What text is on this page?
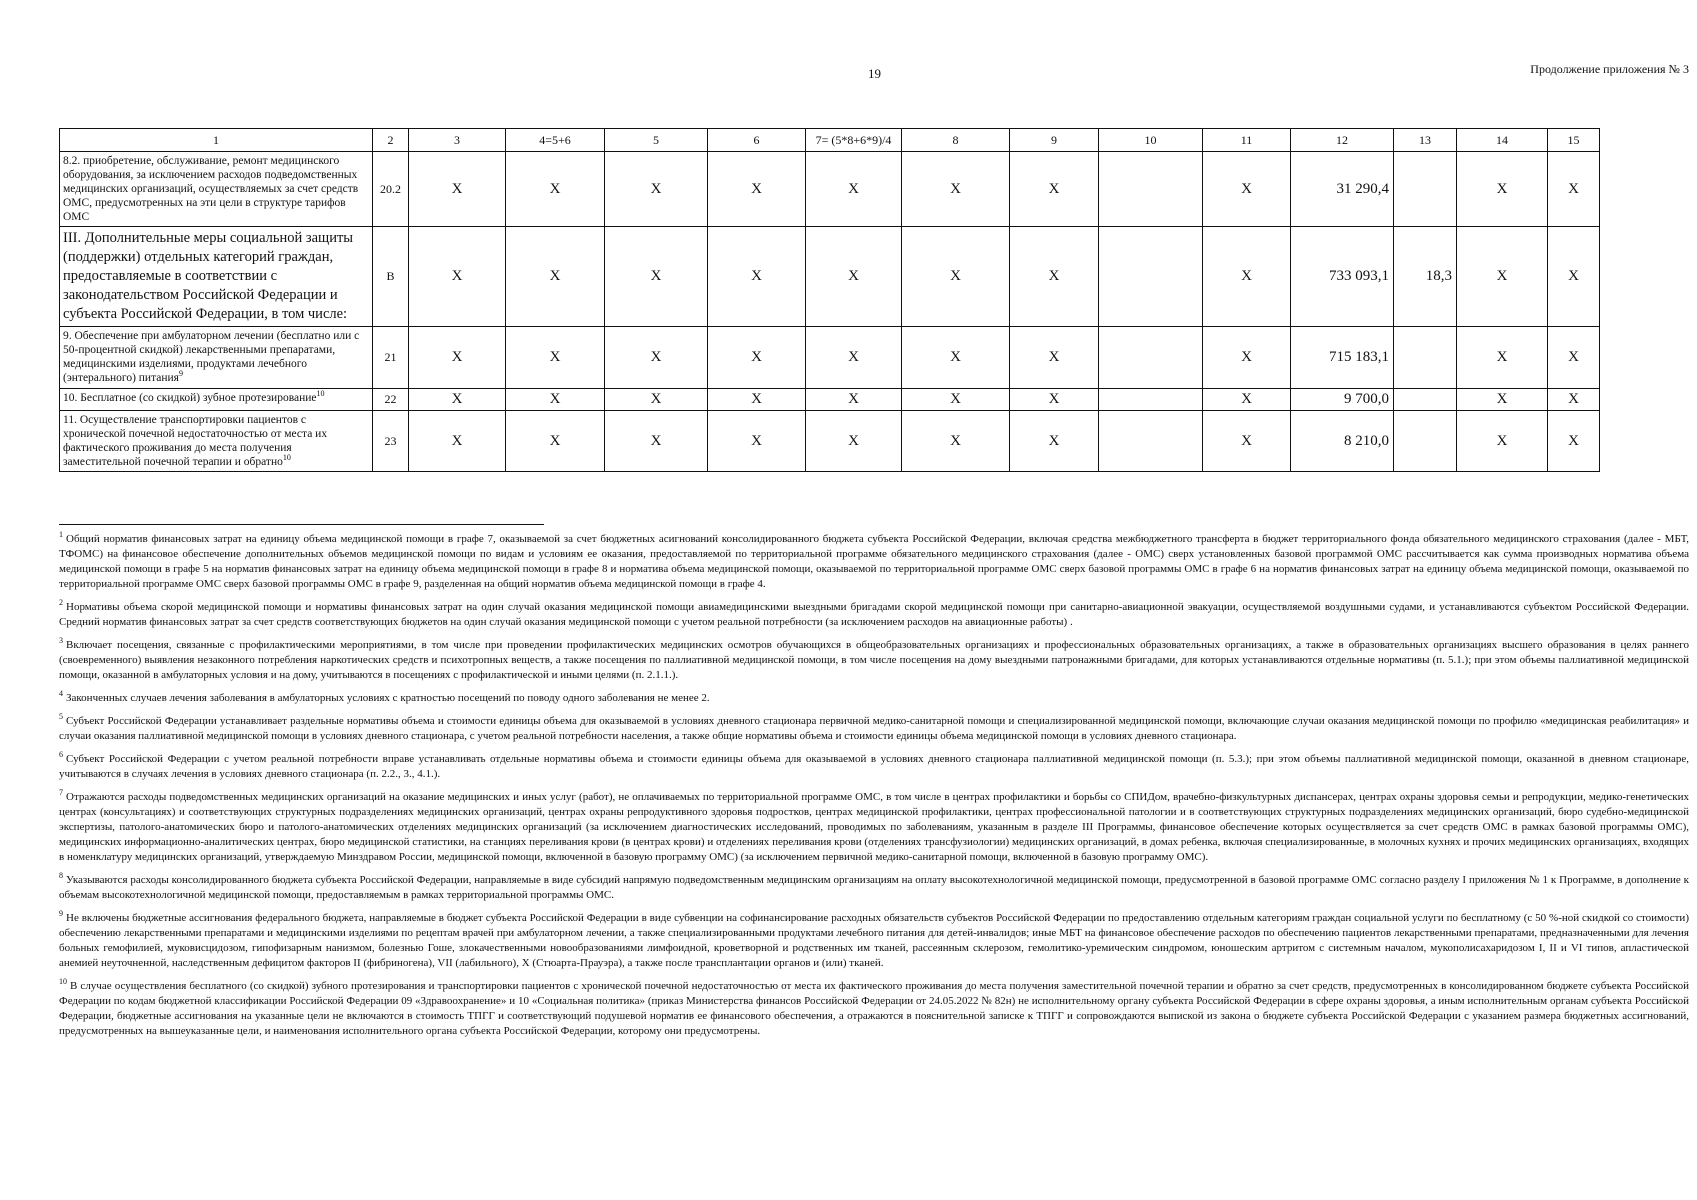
19	Продолжение приложения № 3
1	2	3	4=5+6	5	6	7= (5*8+6*9)/4	8	9	10	11	12	13	14	15
8.2. приобретение, обслуживание, ремонт медицинского оборудования, за исключением расходов подведомственных медицинских организаций, осуществляемых за счет средств ОМС, предусмотренных на эти цели в структуре тарифов ОМС	20.2	Х	Х	Х	Х	Х	Х	Х		Х	31 290,4		Х	Х
III. Дополнительные меры социальной защиты (поддержки) отдельных категорий граждан, предоставляемые в соответствии с законодательством Российской Федерации и субъекта Российской Федерации, в том числе:	В	Х	Х	Х	Х	Х	Х	Х		Х	733 093,1	18,3	Х	Х
9. Обеспечение при амбулаторном лечении (бесплатно или с 50-процентной скидкой) лекарственными препаратами, медицинскими изделиями, продуктами лечебного (энтерального) питания$^9$	21	Х	Х	Х	Х	Х	Х	Х		Х	715 183,1		Х	Х
10. Бесплатное (со скидкой) зубное протезирование$^{10}$	22	Х	Х	Х	Х	Х	Х	Х		Х	9 700,0		Х	Х
11. Осуществление транспортировки пациентов с хронической почечной недостаточностью от места их фактического проживания до места получения заместительной почечной терапии и обратно$^{10}$	23	Х	Х	Х	Х	Х	Х	Х		Х	8 210,0		Х	Х
$^1$ Общий норматив финансовых затрат на единицу объема медицинской помощи в графе 7, оказываемой за счет бюджетных асигнований консолидированного бюджета субъекта Российской Федерации, включая средства межбюджетного трансферта в бюджет территориального фонда обязательного медицинского страхования (далее - МБТ, ТФОМС) на финансовое обеспечение дополнительных объемов медицинской помощи по видам и условиям ее оказания, предоставляемой по территориальной программе обязательного медицинского страхования (далее - ОМС) сверх установленных базовой программой ОМС рассчитывается как сумма производных норматива объема медицинской помощи в графе 5 на норматив финансовых затрат на единицу объема медицинской помощи в графе 8 и норматива объема медицинской помощи, оказываемой по территориальной программе ОМС сверх базовой программы ОМС в графе 6 на норматив финансовых затрат на единицу объема медицинской помощи, оказываемой по территориальной программе ОМС сверх базовой программы ОМС в графе 9, разделенная на общий норматив объема медицинской помощи в графе 4.
$^2$ Нормативы объема скорой медицинской помощи и нормативы финансовых затрат на один случай оказания медицинской помощи авиамедицинскими выездными бригадами скорой медицинской помощи при санитарно-авиационной эвакуации, осуществляемой воздушными судами, и устанавливаются субъектом Российской Федерации. Средний норматив финансовых затрат за счет средств соответствующих бюджетов на один случай оказания медицинской помощи с учетом реальной потребности (за исключением расходов на авиационные работы) .
$^3$ Включает посещения, связанные с профилактическими мероприятиями, в том числе при проведении профилактических медицинских осмотров обучающихся в общеобразовательных организациях и профессиональных образовательных организациях, а также в образовательных организациях высшего образования в целях раннего (своевременного) выявления незаконного потребления наркотических средств и психотропных веществ, а также посещения по паллиативной медицинской помощи, в том числе посещения на дому выездными патронажными бригадами, для которых устанавливаются отдельные нормативы (п. 5.1.); при этом объемы паллиативной медицинской помощи, оказанной в амбулаторных условия и на дому, учитываются в посещениях с профилактической и иными целями (п. 2.1.1.).
$^4$ Законченных случаев лечения заболевания в амбулаторных условиях с кратностью посещений по поводу одного заболевания не менее 2.
$^5$ Субъект Российской Федерации устанавливает раздельные нормативы объема и стоимости единицы объема для оказываемой в условиях дневного стационара первичной медико-санитарной помощи и специализированной медицинской помощи, включающие случаи оказания медицинской помощи по профилю «медицинская реабилитация» и случаи оказания паллиативной медицинской помощи в условиях дневного стационара, с учетом реальной потребности населения, а также общие нормативы объема и стоимости единицы объема медицинской помощи в условиях дневного стационара.
$^6$ Субъект Российской Федерации с учетом реальной потребности вправе устанавливать отдельные нормативы объема и стоимости единицы объема для оказываемой в условиях дневного стационара паллиативной медицинской помощи (п. 5.3.); при этом объемы паллиативной медицинской помощи, оказанной в дневном стационаре, учитываются в случаях лечения в условиях дневного стационара (п. 2.2., 3., 4.1.).
$^7$ Отражаются расходы подведомственных медицинских организаций на оказание медицинских и иных услуг (работ), не оплачиваемых по территориальной программе ОМС, в том числе в центрах профилактики и борьбы со СПИДом, врачебно-физкультурных диспансерах, центрах охраны здоровья семьи и репродукции, медико-генетических центрах (консультациях) и соответствующих структурных подразделениях медицинских организаций, центрах охраны репродуктивного здоровья подростков, центрах медицинской профилактики, центрах профессиональной патологии и в соответствующих структурных подразделениях медицинских организаций, бюро судебно-медицинской экспертизы, патолого-анатомических бюро и патолого-анатомических отделениях медицинских организаций (за исключением диагностических исследований, проводимых по заболеваниям, указанным в разделе III Программы, финансовое обеспечение которых осуществляется за счет средств ОМС в рамках базовой программы ОМС), медицинских информационно-аналитических центрах, бюро медицинской статистики, на станциях переливания крови (в центрах крови) и отделениях переливания крови (отделениях трансфузиологии) медицинских организаций, в домах ребенка, включая специализированные, в молочных кухнях и прочих медицинских организациях, входящих в номенклатуру медицинских организаций, утверждаемую Минздравом России, медицинской помощи, включенной в базовую программу ОМС) (за исключением первичной медико-санитарной помощи, включенной в базовую программу ОМС).
$^8$ Указываются расходы консолидированного бюджета субъекта Российской Федерации, направляемые в виде субсидий напрямую подведомственным медицинским организациям на оплату высокотехнологичной медицинской помощи, предусмотренной в базовой программе ОМС согласно разделу I приложения № 1 к Программе, в дополнение к объемам высокотехнологичной медицинской помощи, предоставляемым в рамках территориальной программы ОМС.
$^9$ Не включены бюджетные ассигнования федерального бюджета, направляемые в бюджет субъекта Российской Федерации в виде субвенции на софинансирование расходных обязательств субъектов Российской Федерации по предоставлению отдельным категориям граждан социальной услуги по бесплатному (с 50 %-ной скидкой со стоимости) обеспечению лекарственными препаратами и медицинскими изделиями по рецептам врачей при амбулаторном лечении, а также специализированными продуктами лечебного питания для детей-инвалидов; иные МБТ на финансовое обеспечение расходов по обеспечению пациентов лекарственными препаратами, предназначенными для лечения больных гемофилией, муковисцидозом, гипофизарным нанизмом, болезнью Гоше, злокачественными новообразованиями лимфоидной, кроветворной и родственных им тканей, рассеянным склерозом, гемолитико-уремическим синдромом, юношеским артритом с системным началом, мукополисахаридозом I, II и VI типов, апластической анемией неуточненной, наследственным дефицитом факторов II (фибриногена), VII (лабильного), X (Стюарта-Прауэра), а также после трансплантации органов и (или) тканей.
$^{10}$ В случае осуществления бесплатного (со скидкой) зубного протезирования и транспортировки пациентов с хронической почечной недостаточностью от места их фактического проживания до места получения заместительной почечной терапии и обратно за счет средств, предусмотренных в консолидированном бюджете субъекта Российской Федерации по кодам бюджетной классификации Российской Федерации 09 «Здравоохранение» и 10 «Социальная политика» (приказ Министерства финансов Российской Федерации от 24.05.2022 № 82н) не исполнительному органу субъекта Российской Федерации в сфере охраны здоровья, а иным исполнительным органам субъекта Российской Федерации, бюджетные ассигнования на указанные цели не включаются в стоимость ТПГГ и соответствующий подушевой норматив ее финансового обеспечения, а отражаются в пояснительной записке к ТПГГ и сопровождаются выпиской из закона о бюджете субъекта Российской Федерации с указанием размера бюджетных ассигнований, предусмотренных на вышеуказанные цели, и наименования исполнительного органа субъекта Российской Федерации, которому они предусмотрены.
